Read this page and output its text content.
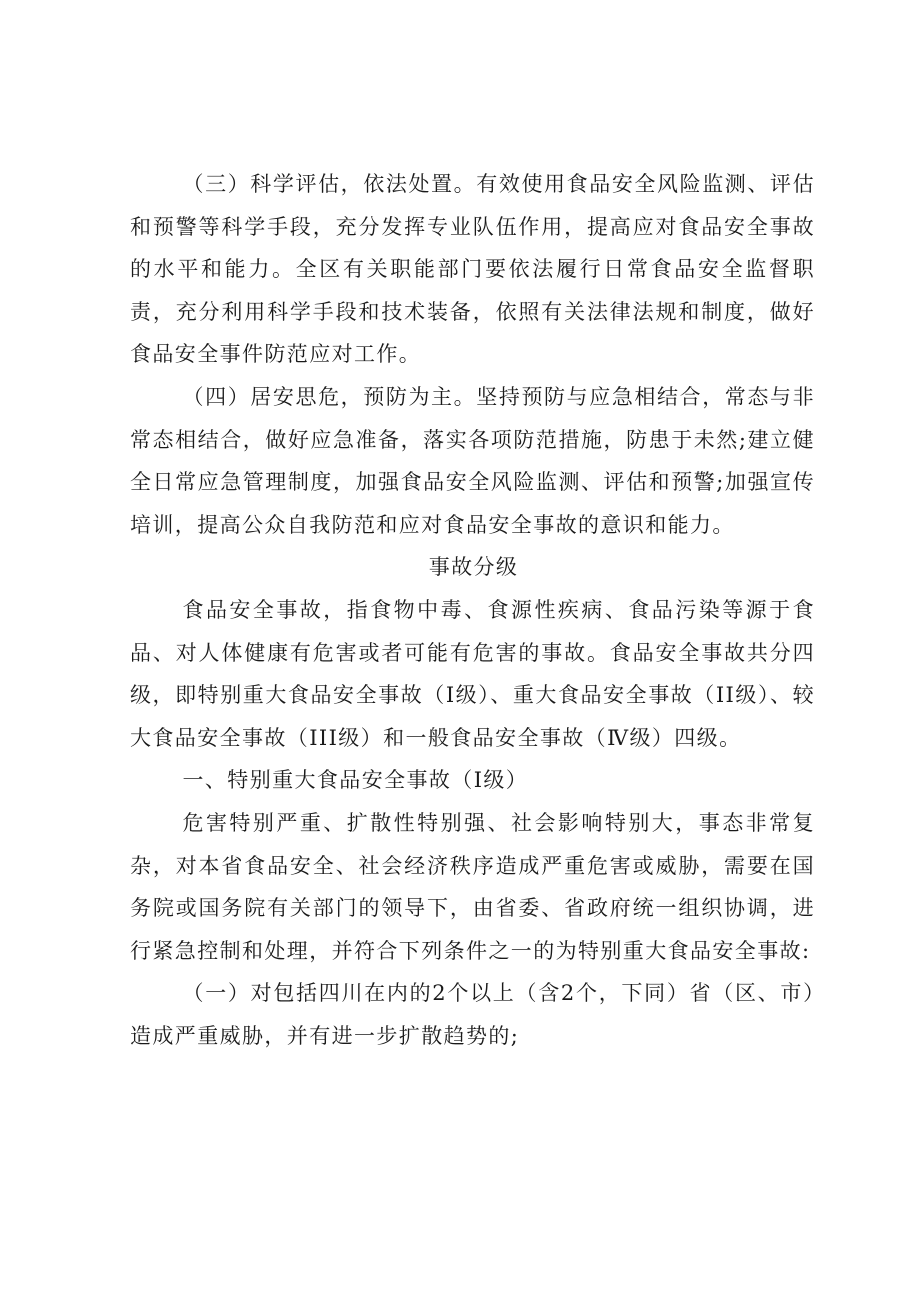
（三）科学评估，依法处置。有效使用食品安全风险监测、评估和预警等科学手段，充分发挥专业队伍作用，提高应对食品安全事故的水平和能力。全区有关职能部门要依法履行日常食品安全监督职责，充分利用科学手段和技术装备，依照有关法律法规和制度，做好食品安全事件防范应对工作。

（四）居安思危，预防为主。坚持预防与应急相结合，常态与非常态相结合，做好应急准备，落实各项防范措施，防患于未然;建立健全日常应急管理制度，加强食品安全风险监测、评估和预警;加强宣传培训，提高公众自我防范和应对食品安全事故的意识和能力。

事故分级

食品安全事故，指食物中毒、食源性疾病、食品污染等源于食品、对人体健康有危害或者可能有危害的事故。食品安全事故共分四级，即特别重大食品安全事故（Ⅰ级）、重大食品安全事故（II级）、较大食品安全事故（III级）和一般食品安全事故（Ⅳ级）四级。

一、特别重大食品安全事故（Ⅰ级）

危害特别严重、扩散性特别强、社会影响特别大，事态非常复杂，对本省食品安全、社会经济秩序造成严重危害或威胁，需要在国务院或国务院有关部门的领导下，由省委、省政府统一组织协调，进行紧急控制和处理，并符合下列条件之一的为特别重大食品安全事故:

（一）对包括四川在内的2个以上（含2个，下同）省（区、市）造成严重威胁，并有进一步扩散趋势的;
